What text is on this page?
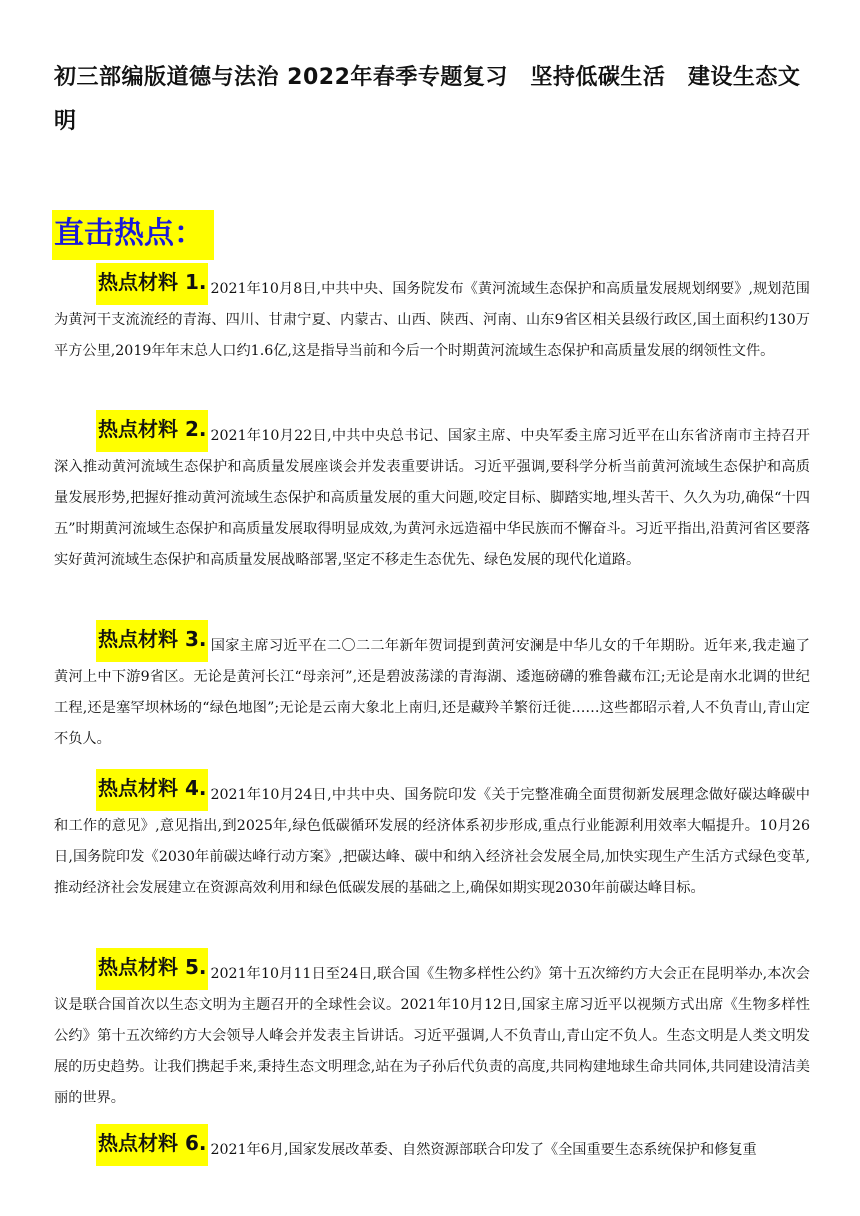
初三部编版道德与法治 2022年春季专题复习　坚持低碳生活　建设生态文明
直击热点：
热点材料 1. 2021年10月8日,中共中央、国务院发布《黄河流域生态保护和高质量发展规划纲要》,规划范围为黄河干支流流经的青海、四川、甘肃宁夏、内蒙古、山西、陕西、河南、山东9省区相关县级行政区,国土面积约130万平方公里,2019年年末总人口约1.6亿,这是指导当前和今后一个时期黄河流域生态保护和高质量发展的纲领性文件。
热点材料 2. 2021年10月22日,中共中央总书记、国家主席、中央军委主席习近平在山东省济南市主持召开深入推动黄河流域生态保护和高质量发展座谈会并发表重要讲话。习近平强调,要科学分析当前黄河流域生态保护和高质量发展形势,把握好推动黄河流域生态保护和高质量发展的重大问题,咬定目标、脚踏实地,埋头苦干、久久为功,确保“十四五”时期黄河流域生态保护和高质量发展取得明显成效,为黄河永远造福中华民族而不懈奋斗。习近平指出,沿黄河省区要落实好黄河流域生态保护和高质量发展战略部署,坚定不移走生态优先、绿色发展的现代化道路。
热点材料 3. 国家主席习近平在二〇二二年新年贺词提到黄河安澜是中华儿女的千年期盼。近年来,我走遍了黄河上中下游9省区。无论是黄河长江“母亲河”,还是碧波荡漾的青海湖、逶迤磅礴的雅鲁藏布江;无论是南水北调的世纪工程,还是塞罕坝林场的“绿色地图”;无论是云南大象北上南归,还是藏羚羊繁衍迁徙……这些都昭示着,人不负青山,青山定不负人。
热点材料 4. 2021年10月24日,中共中央、国务院印发《关于完整准确全面贯彻新发展理念做好碳达峰碳中和工作的意见》,意见指出,到2025年,绿色低碳循环发展的经济体系初步形成,重点行业能源利用效率大幅提升。10月26日,国务院印发《2030年前碳达峰行动方案》,把碳达峰、碳中和纳入经济社会发展全局,加快实现生产生活方式绿色变革,推动经济社会发展建立在资源高效利用和绿色低碳发展的基础之上,确保如期实现2030年前碳达峰目标。
热点材料 5. 2021年10月11日至24日,联合国《生物多样性公约》第十五次缔约方大会正在昆明举办,本次会议是联合国首次以生态文明为主题召开的全球性会议。2021年10月12日,国家主席习近平以视频方式出席《生物多样性公约》第十五次缔约方大会领导人峰会并发表主旨讲话。习近平强调,人不负青山,青山定不负人。生态文明是人类文明发展的历史趋势。让我们携起手来,秉持生态文明理念,站在为子孙后代负责的高度,共同构建地球生命共同体,共同建设清洁美丽的世界。
热点材料 6. 2021年6月,国家发展改革委、自然资源部联合印发了《全国重要生态系统保护和修复重
